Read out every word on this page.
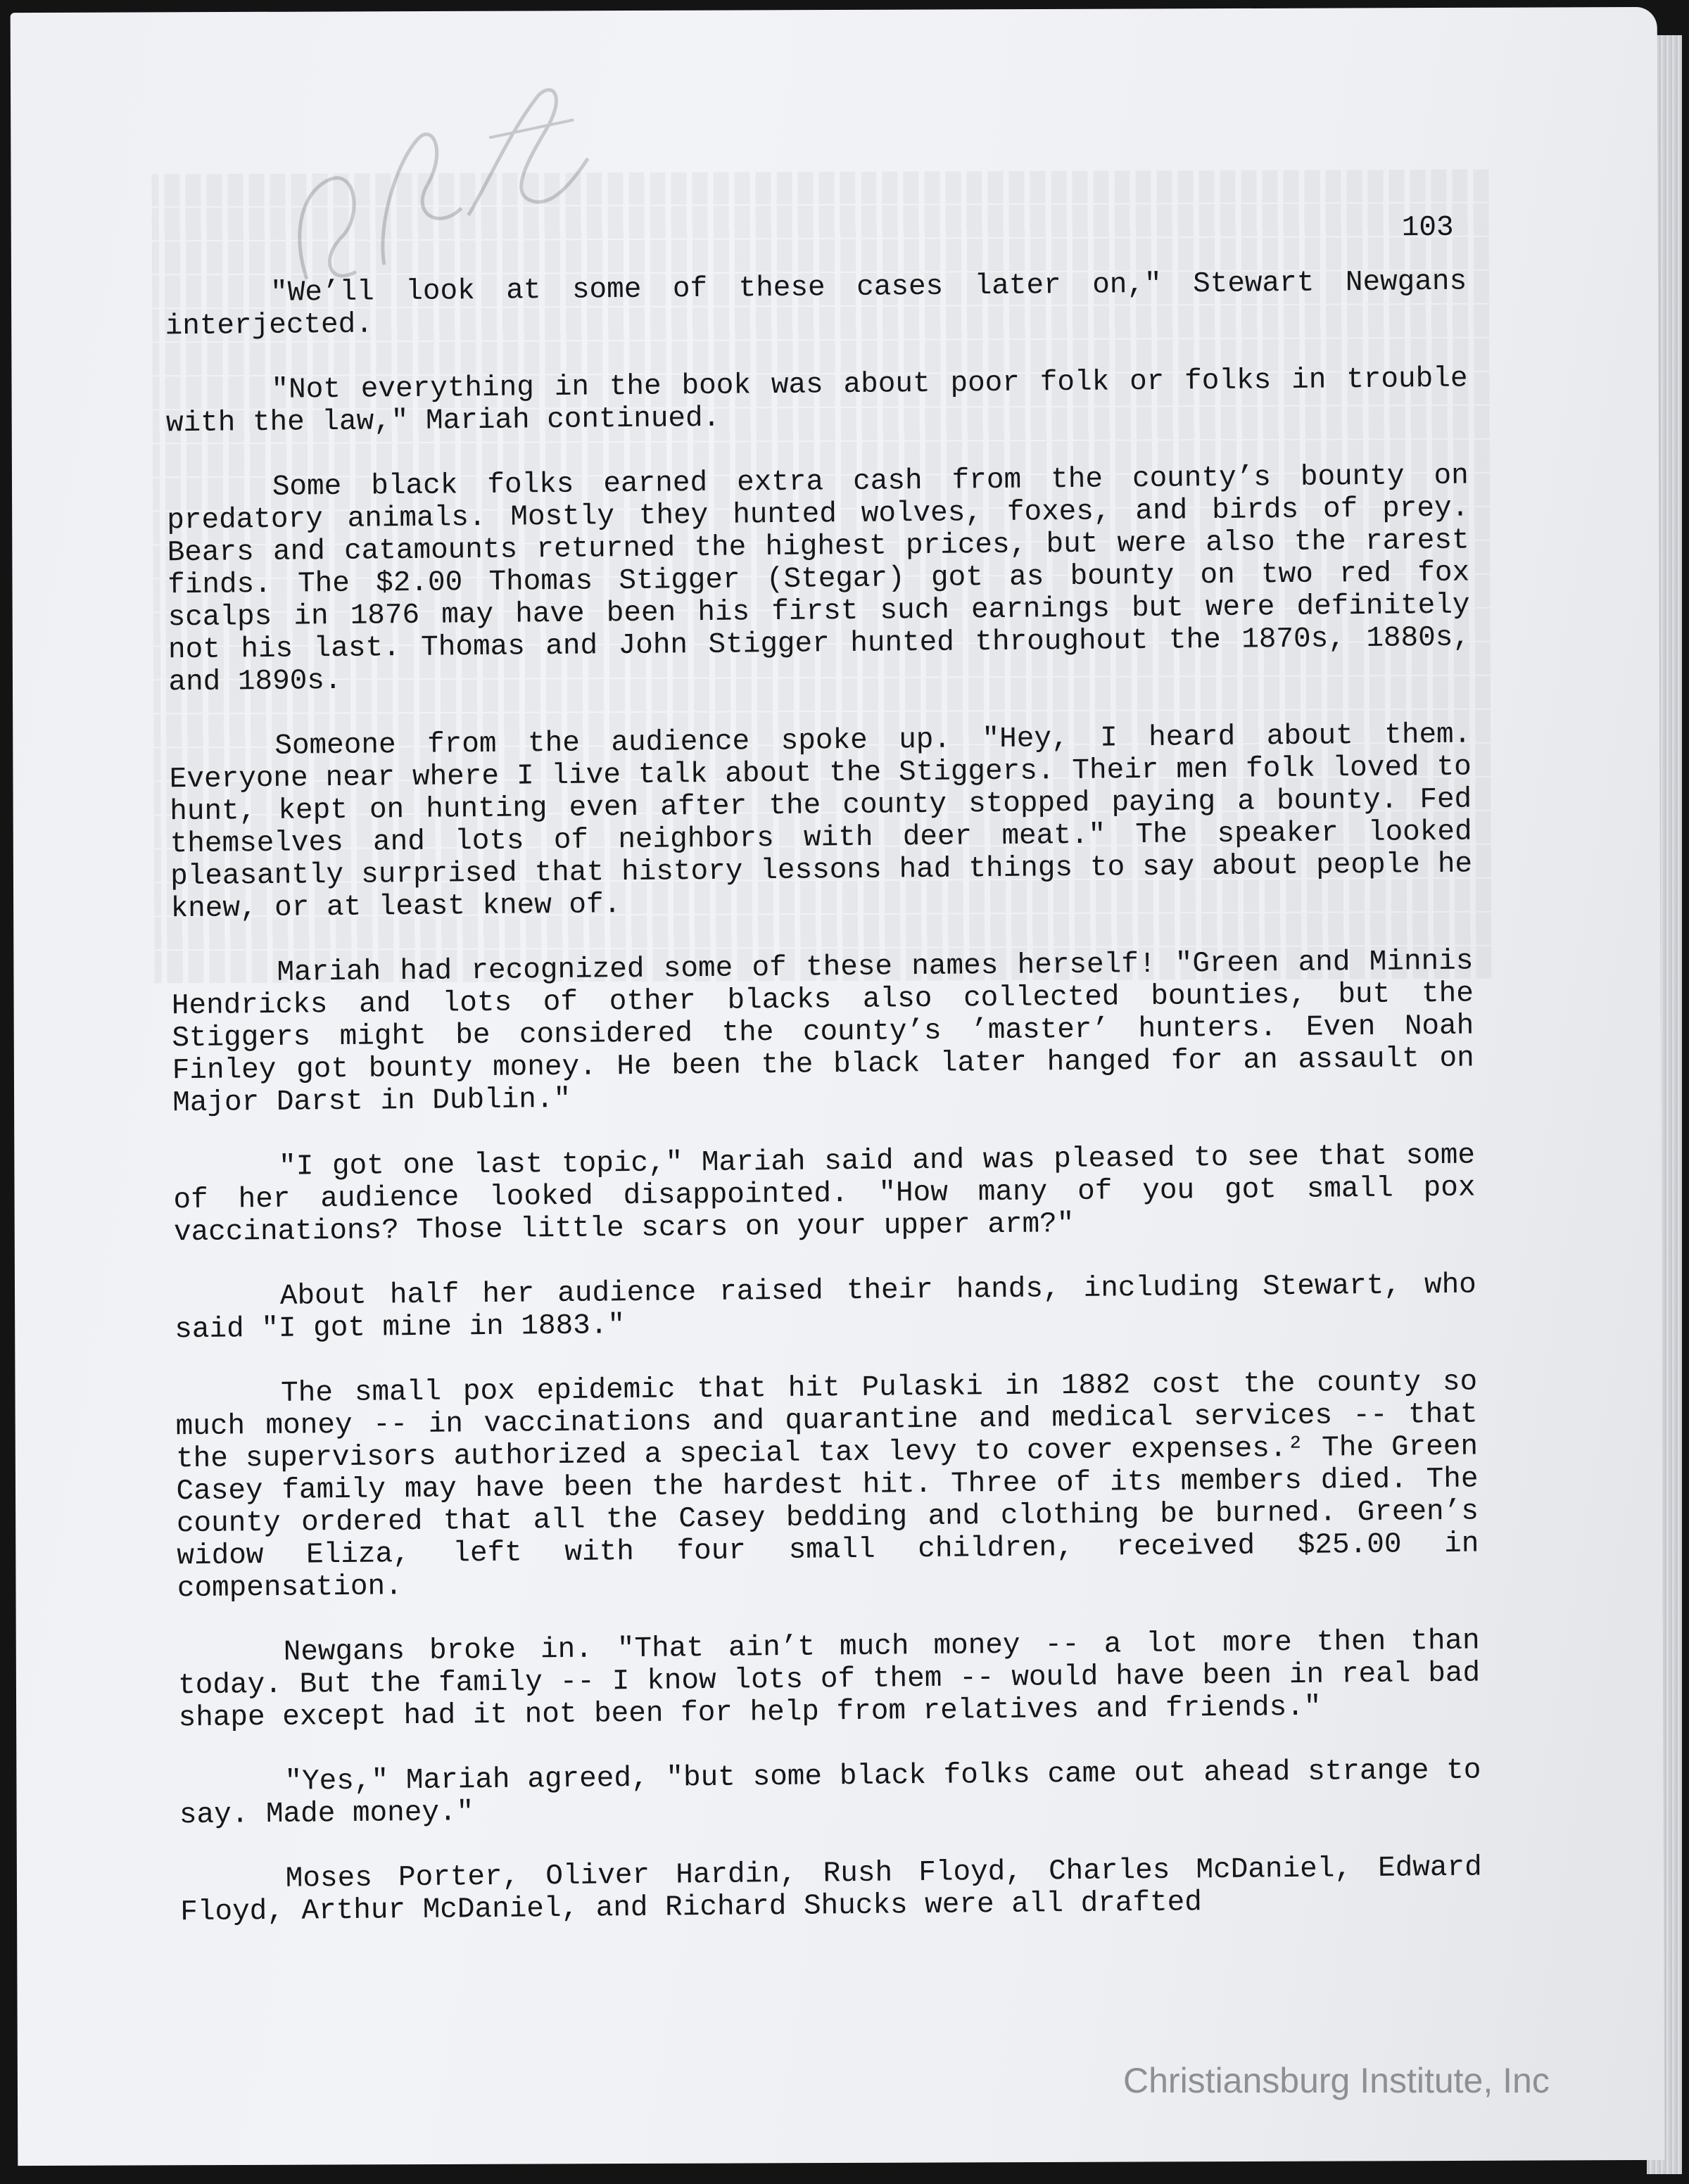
103

"We’ll look at some of these cases later on," Stewart Newgans interjected.

"Not everything in the book was about poor folk or folks in trouble with the law," Mariah continued.

Some black folks earned extra cash from the county’s bounty on predatory animals. Mostly they hunted wolves, foxes, and birds of prey. Bears and catamounts returned the highest prices, but were also the rarest finds. The $2.00 Thomas Stigger (Stegar) got as bounty on two red fox scalps in 1876 may have been his first such earnings but were definitely not his last. Thomas and John Stigger hunted throughout the 1870s, 1880s, and 1890s.

Someone from the audience spoke up. "Hey, I heard about them. Everyone near where I live talk about the Stiggers. Their men folk loved to hunt, kept on hunting even after the county stopped paying a bounty. Fed themselves and lots of neighbors with deer meat." The speaker looked pleasantly surprised that history lessons had things to say about people he knew, or at least knew of.

Mariah had recognized some of these names herself! "Green and Minnis Hendricks and lots of other blacks also collected bounties, but the Stiggers might be considered the county’s ’master’ hunters. Even Noah Finley got bounty money. He been the black later hanged for an assault on Major Darst in Dublin."

"I got one last topic," Mariah said and was pleased to see that some of her audience looked disappointed. "How many of you got small pox vaccinations? Those little scars on your upper arm?"

About half her audience raised their hands, including Stewart, who said "I got mine in 1883."

The small pox epidemic that hit Pulaski in 1882 cost the county so much money -- in vaccinations and quarantine and medical services -- that the supervisors authorized a special tax levy to cover expenses.² The Green Casey family may have been the hardest hit. Three of its members died. The county ordered that all the Casey bedding and clothing be burned. Green’s widow Eliza, left with four small children, received $25.00 in compensation.

Newgans broke in. "That ain’t much money -- a lot more then than today. But the family -- I know lots of them -- would have been in real bad shape except had it not been for help from relatives and friends."

"Yes," Mariah agreed, "but some black folks came out ahead strange to say. Made money."

Moses Porter, Oliver Hardin, Rush Floyd, Charles McDaniel, Edward Floyd, Arthur McDaniel, and Richard Shucks were all drafted

Christiansburg Institute, Inc
